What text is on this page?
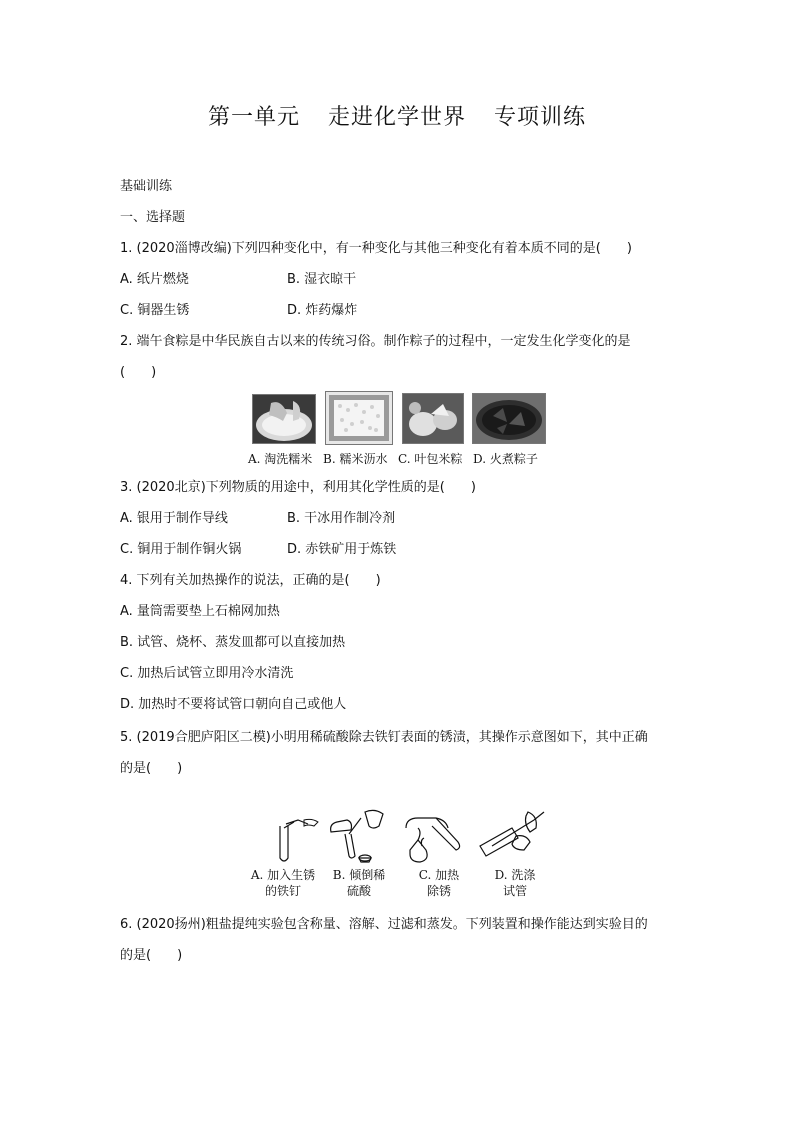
第一单元 走进化学世界 专项训练
基础训练
一、选择题
1. (2020淄博改编)下列四种变化中，有一种变化与其他三种变化有着本质不同的是(　　)
A. 纸片燃烧	B. 湿衣晾干
C. 铜器生锈	D. 炸药爆炸
2. 端午食粽是中华民族自古以来的传统习俗。制作粽子的过程中，一定发生化学变化的是
(　　)
A. 淘洗糯米 B. 糯米沥水 C. 叶包米粽 D. 火煮粽子
3. (2020北京)下列物质的用途中，利用其化学性质的是(　　)
A. 银用于制作导线	B. 干冰用作制冷剂
C. 铜用于制作铜火锅	D. 赤铁矿用于炼铁
4. 下列有关加热操作的说法，正确的是(　　)
A. 量筒需要垫上石棉网加热
B. 试管、烧杯、蒸发皿都可以直接加热
C. 加热后试管立即用冷水清洗
D. 加热时不要将试管口朝向自己或他人
5. (2019合肥庐阳区二模)小明用稀硫酸除去铁钉表面的锈渍，其操作示意图如下，其中正确
的是(　　)
A. 加入生锈
的铁钉
B. 倾倒稀
硫酸
C. 加热
除锈
D. 洗涤
试管
6. (2020扬州)粗盐提纯实验包含称量、溶解、过滤和蒸发。下列装置和操作能达到实验目的
的是(　　)
